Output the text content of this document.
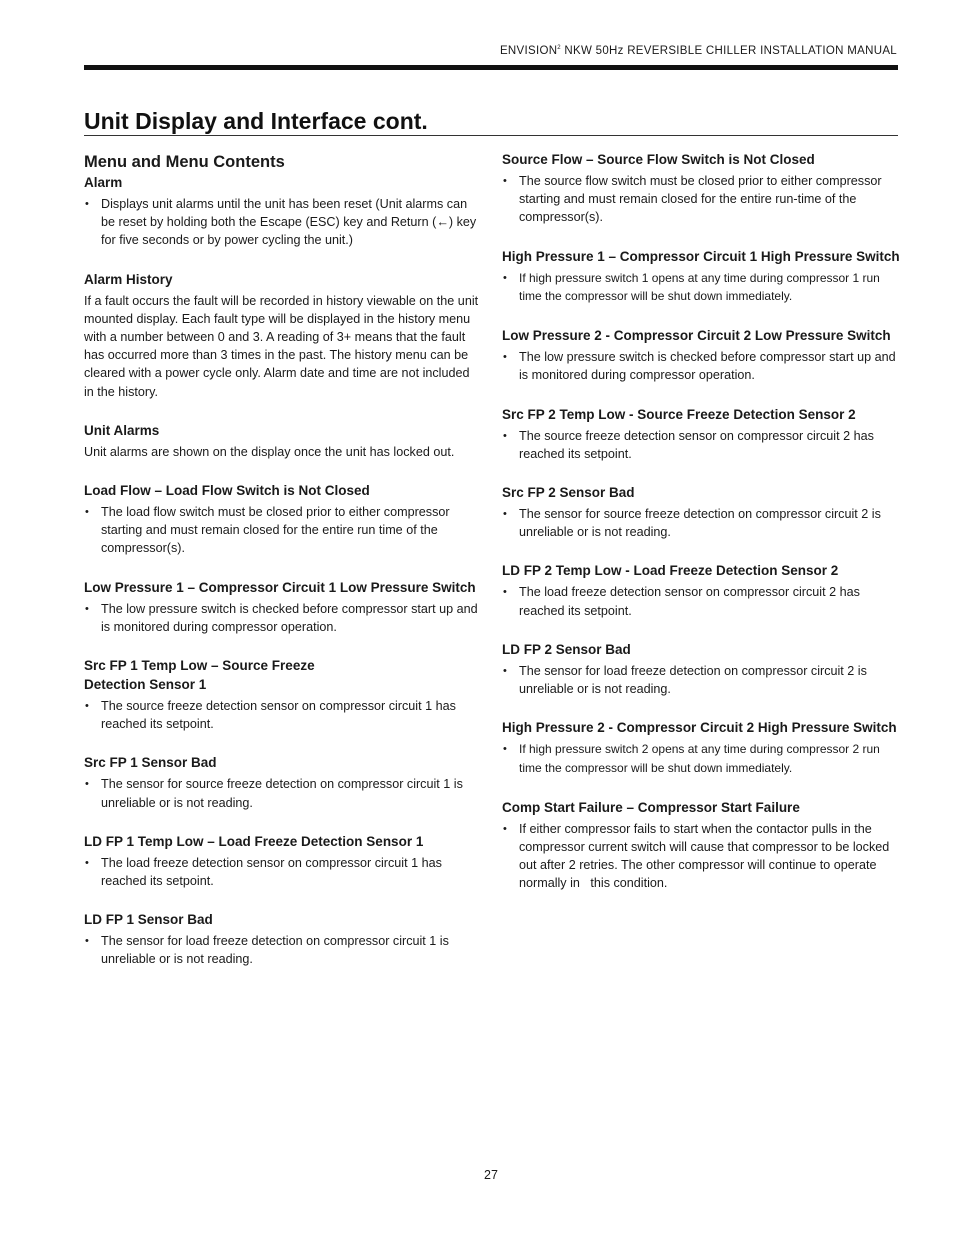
ENVISION$^2$ NKW 50Hz REVERSIBLE CHILLER INSTALLATION MANUAL
Unit Display and Interface cont.
Menu and Menu Contents
Alarm
• Displays unit alarms until the unit has been reset (Unit alarms can be reset by holding both the Escape (ESC) key and Return (←) key for five seconds or by power cycling the unit.)
Alarm History

If a fault occurs the fault will be recorded in history viewable on the unit mounted display. Each fault type will be displayed in the history menu with a number between 0 and 3. A reading of 3+ means that the fault has occurred more than 3 times in the past. The history menu can be cleared with a power cycle only. Alarm date and time are not included in the history.

Unit Alarms

Unit alarms are shown on the display once the unit has locked out.

Load Flow – Load Flow Switch is Not Closed
• The load flow switch must be closed prior to either compressor starting and must remain closed for the entire run time of the compressor(s).
Low Pressure 1 – Compressor Circuit 1 Low Pressure Switch
• The low pressure switch is checked before compressor start up and is monitored during compressor operation.
Src FP 1 Temp Low – Source Freeze
Detection Sensor 1
• The source freeze detection sensor on compressor circuit 1 has reached its setpoint.
Src FP 1 Sensor Bad
• The sensor for source freeze detection on compressor circuit 1 is unreliable or is not reading.
LD FP 1 Temp Low – Load Freeze Detection Sensor 1
• The load freeze detection sensor on compressor circuit 1 has reached its setpoint.
LD FP 1 Sensor Bad
• The sensor for load freeze detection on compressor circuit 1 is unreliable or is not reading.
Source Flow – Source Flow Switch is Not Closed
• The source flow switch must be closed prior to either compressor starting and must remain closed for the entire run-time of the compressor(s).
High Pressure 1 – Compressor Circuit 1 High Pressure Switch
• If high pressure switch 1 opens at any time during compressor 1 run time the compressor will be shut down immediately.
Low Pressure 2 - Compressor Circuit 2 Low Pressure Switch
• The low pressure switch is checked before compressor start up and is monitored during compressor operation.
Src FP 2 Temp Low - Source Freeze Detection Sensor 2
• The source freeze detection sensor on compressor circuit 2 has reached its setpoint.
Src FP 2 Sensor Bad
• The sensor for source freeze detection on compressor circuit 2 is unreliable or is not reading.
LD FP 2 Temp Low - Load Freeze Detection Sensor 2
• The load freeze detection sensor on compressor circuit 2 has reached its setpoint.
LD FP 2 Sensor Bad
• The sensor for load freeze detection on compressor circuit 2 is unreliable or is not reading.
High Pressure 2 - Compressor Circuit 2 High Pressure Switch
• If high pressure switch 2 opens at any time during compressor 2 run time the compressor will be shut down immediately.
Comp Start Failure – Compressor Start Failure
• If either compressor fails to start when the contactor pulls in the compressor current switch will cause that compressor to be locked out after 2 retries. The other compressor will continue to operate normally in   this condition.
27
